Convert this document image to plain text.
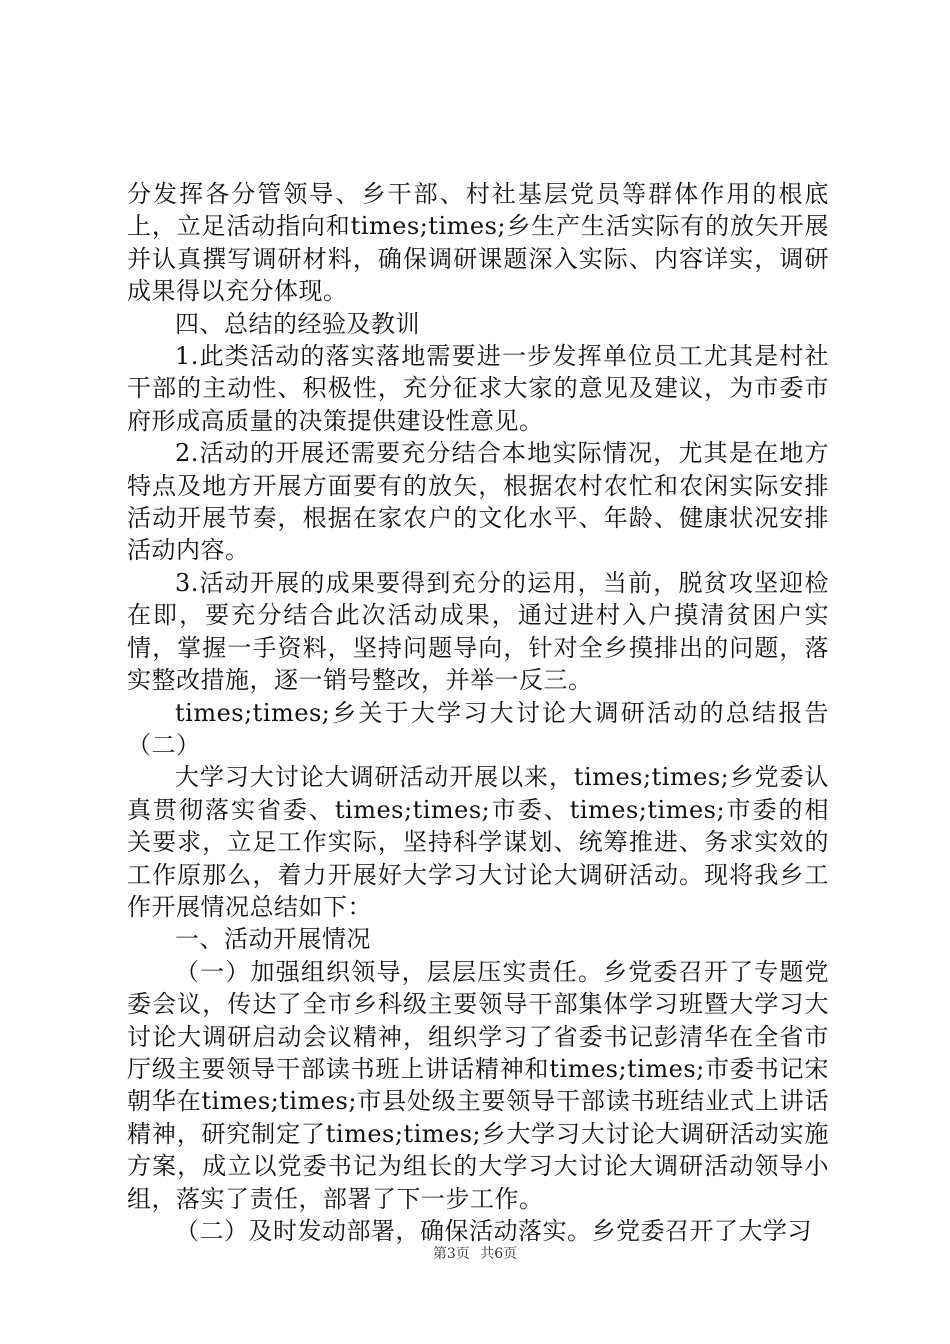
分发挥各分管领导、乡干部、村社基层党员等群体作用的根底上，立足活动指向和times;times;乡生产生活实际有的放矢开展并认真撰写调研材料，确保调研课题深入实际、内容详实，调研成果得以充分体现。

四、总结的经验及教训

1.此类活动的落实落地需要进一步发挥单位员工尤其是村社干部的主动性、积极性，充分征求大家的意见及建议，为市委市府形成高质量的决策提供建设性意见。

2.活动的开展还需要充分结合本地实际情况，尤其是在地方特点及地方开展方面要有的放矢，根据农村农忙和农闲实际安排活动开展节奏，根据在家农户的文化水平、年龄、健康状况安排活动内容。

3.活动开展的成果要得到充分的运用，当前，脱贫攻坚迎检在即，要充分结合此次活动成果，通过进村入户摸清贫困户实情，掌握一手资料，坚持问题导向，针对全乡摸排出的问题，落实整改措施，逐一销号整改，并举一反三。

times;times;乡关于大学习大讨论大调研活动的总结报告（二）

大学习大讨论大调研活动开展以来，times;times;乡党委认真贯彻落实省委、times;times;市委、times;times;市委的相关要求，立足工作实际，坚持科学谋划、统筹推进、务求实效的工作原那么，着力开展好大学习大讨论大调研活动。现将我乡工作开展情况总结如下：

一、活动开展情况

（一）加强组织领导，层层压实责任。乡党委召开了专题党委会议，传达了全市乡科级主要领导干部集体学习班暨大学习大讨论大调研启动会议精神，组织学习了省委书记彭清华在全省市厅级主要领导干部读书班上讲话精神和times;times;市委书记宋朝华在times;times;市县处级主要领导干部读书班结业式上讲话精神，研究制定了times;times;乡大学习大讨论大调研活动实施方案，成立以党委书记为组长的大学习大讨论大调研活动领导小组，落实了责任，部署了下一步工作。

（二）及时发动部署，确保活动落实。乡党委召开了大学习

第3页 共6页
